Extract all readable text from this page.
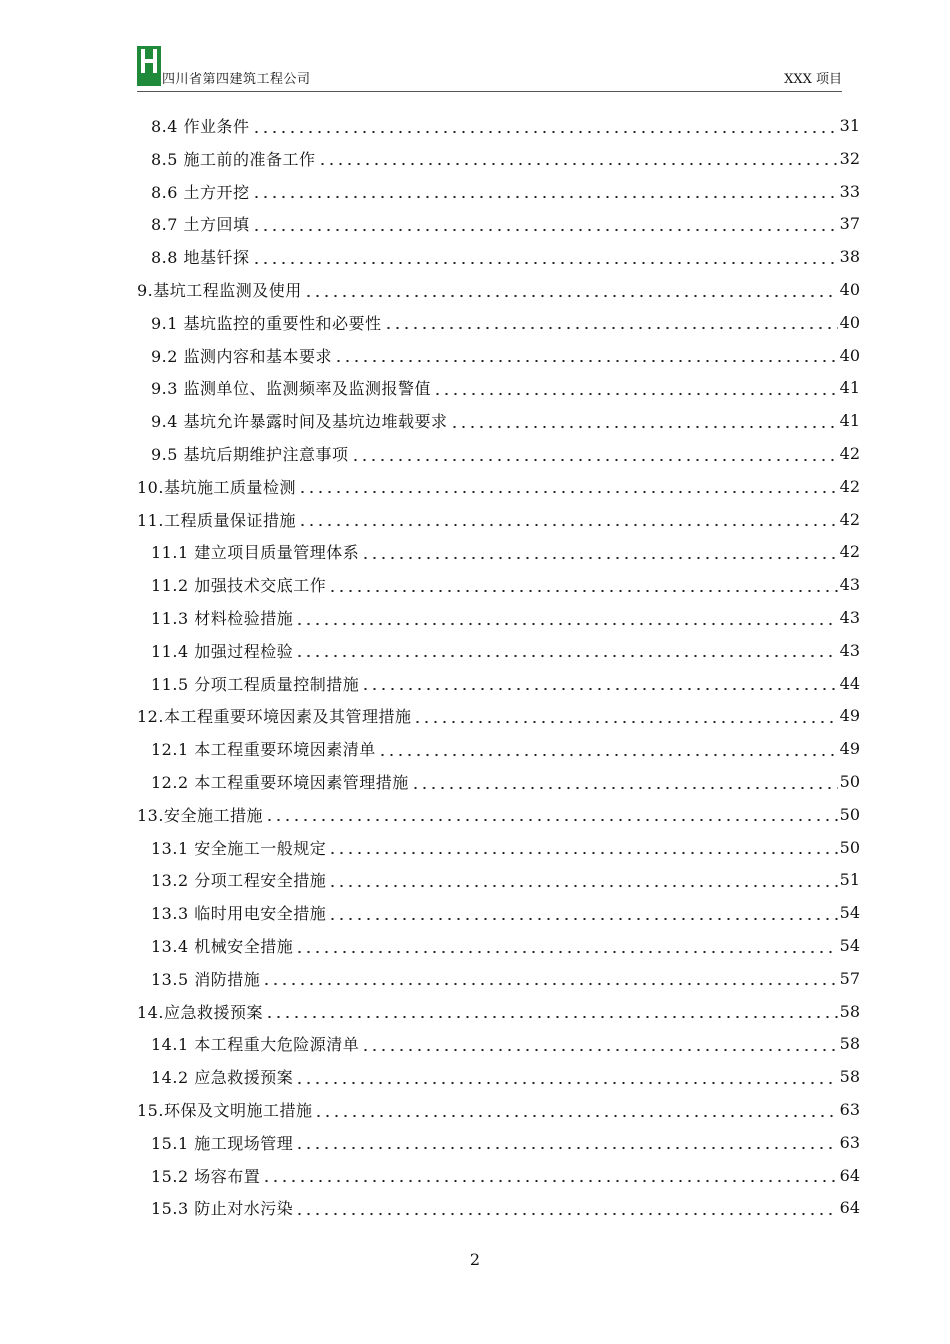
四川省第四建筑工程公司	XXX 项目
8.4 作业条件	31
8.5 施工前的准备工作	32
8.6 土方开挖	33
8.7 土方回填	37
8.8 地基钎探	38
9.基坑工程监测及使用	40
9.1 基坑监控的重要性和必要性	40
9.2 监测内容和基本要求	40
9.3 监测单位、监测频率及监测报警值	41
9.4 基坑允许暴露时间及基坑边堆载要求	41
9.5 基坑后期维护注意事项	42
10.基坑施工质量检测	42
11.工程质量保证措施	42
11.1 建立项目质量管理体系	42
11.2 加强技术交底工作	43
11.3 材料检验措施	43
11.4 加强过程检验	43
11.5 分项工程质量控制措施	44
12.本工程重要环境因素及其管理措施	49
12.1 本工程重要环境因素清单	49
12.2 本工程重要环境因素管理措施	50
13.安全施工措施	50
13.1 安全施工一般规定	50
13.2 分项工程安全措施	51
13.3 临时用电安全措施	54
13.4 机械安全措施	54
13.5 消防措施	57
14.应急救援预案	58
14.1 本工程重大危险源清单	58
14.2 应急救援预案	58
15.环保及文明施工措施	63
15.1 施工现场管理	63
15.2 场容布置	64
15.3 防止对水污染	64
2
